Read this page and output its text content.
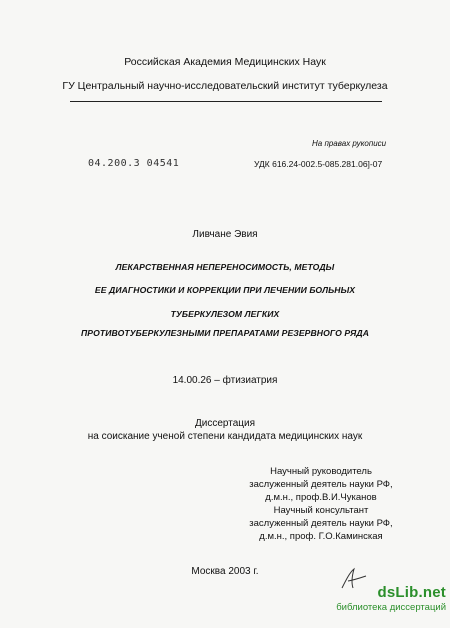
Российская Академия Медицинских Наук
ГУ Центральный научно-исследовательский институт туберкулеза
На правах рукописи
04.200.3 04541	УДК 616.24-002.5-085.281.06]-07
Ливчане Эвия
ЛЕКАРСТВЕННАЯ НЕПЕРЕНОСИМОСТЬ, МЕТОДЫ
ЕЕ ДИАГНОСТИКИ И КОРРЕКЦИИ ПРИ ЛЕЧЕНИИ БОЛЬНЫХ
ТУБЕРКУЛЕЗОМ ЛЕГКИХ
ПРОТИВОТУБЕРКУЛЕЗНЫМИ ПРЕПАРАТАМИ РЕЗЕРВНОГО РЯДА
14.00.26 – фтизиатрия
Диссертация
на соискание ученой степени кандидата медицинских наук
Научный руководитель
заслуженный деятель науки РФ,
д.м.н., проф.В.И.Чуканов
Научный консультант
заслуженный деятель науки РФ,
д.м.н., проф. Г.О.Каминская
Москва 2003 г.
dsLib.net
библиотека диссертаций
